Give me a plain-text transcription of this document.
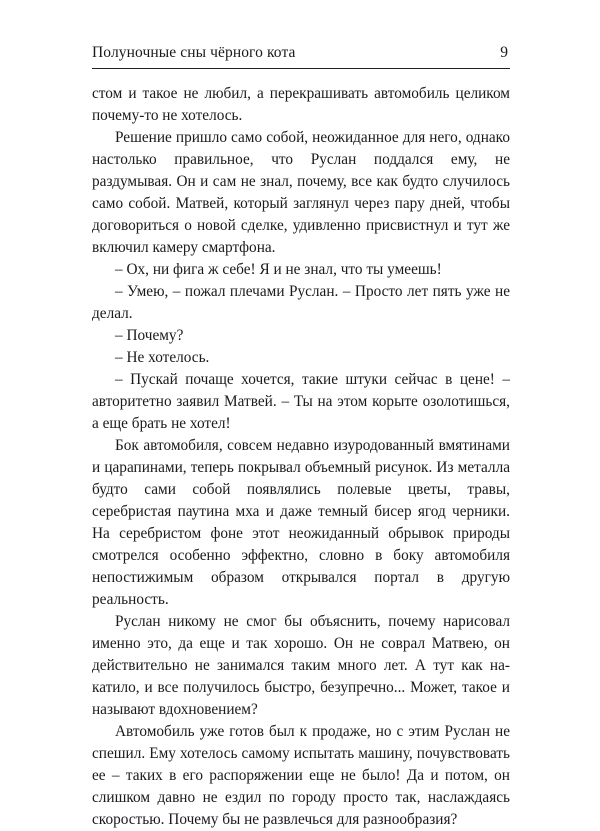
Полуночные сны чёрного кота	9

стом и такое не любил, а перекрашивать автомобиль целиком почему-то не хотелось.

Решение пришло само собой, неожиданное для него, однако настолько правильное, что Руслан поддался ему, не раздумывая. Он и сам не знал, почему, все как будто случилось само собой. Матвей, который заглянул через пару дней, чтобы договориться о новой сделке, удивленно присвистнул и тут же включил камеру смартфона.

– Ох, ни фига ж себе! Я и не знал, что ты умеешь!

– Умею, – пожал плечами Руслан. – Просто лет пять уже не делал.

– Почему?

– Не хотелось.

– Пускай почаще хочется, такие штуки сейчас в цене! – авторитетно заявил Матвей. – Ты на этом корыте озолотишься, а еще брать не хотел!

Бок автомобиля, совсем недавно изуродованный вмятинами и царапинами, теперь покрывал объемный рисунок. Из металла будто сами собой появлялись полевые цветы, травы, серебристая паутина мха и даже темный бисер ягод черники. На серебристом фоне этот неожиданный обрывок природы смотрелся особенно эффектно, словно в боку автомобиля непостижимым образом открывался портал в другую реальность.

Руслан никому не смог бы объяснить, почему нарисовал именно это, да еще и так хорошо. Он не соврал Матвею, он действительно не занимался таким много лет. А тут как накатило, и все получилось быстро, безупречно... Может, такое и называют вдохновением?

Автомобиль уже готов был к продаже, но с этим Руслан не спешил. Ему хотелось самому испытать машину, почувствовать ее – таких в его распоряжении еще не было! Да и потом, он слишком давно не ездил по городу просто так, наслаждаясь скоростью. Почему бы не развлечься для разнообразия?
